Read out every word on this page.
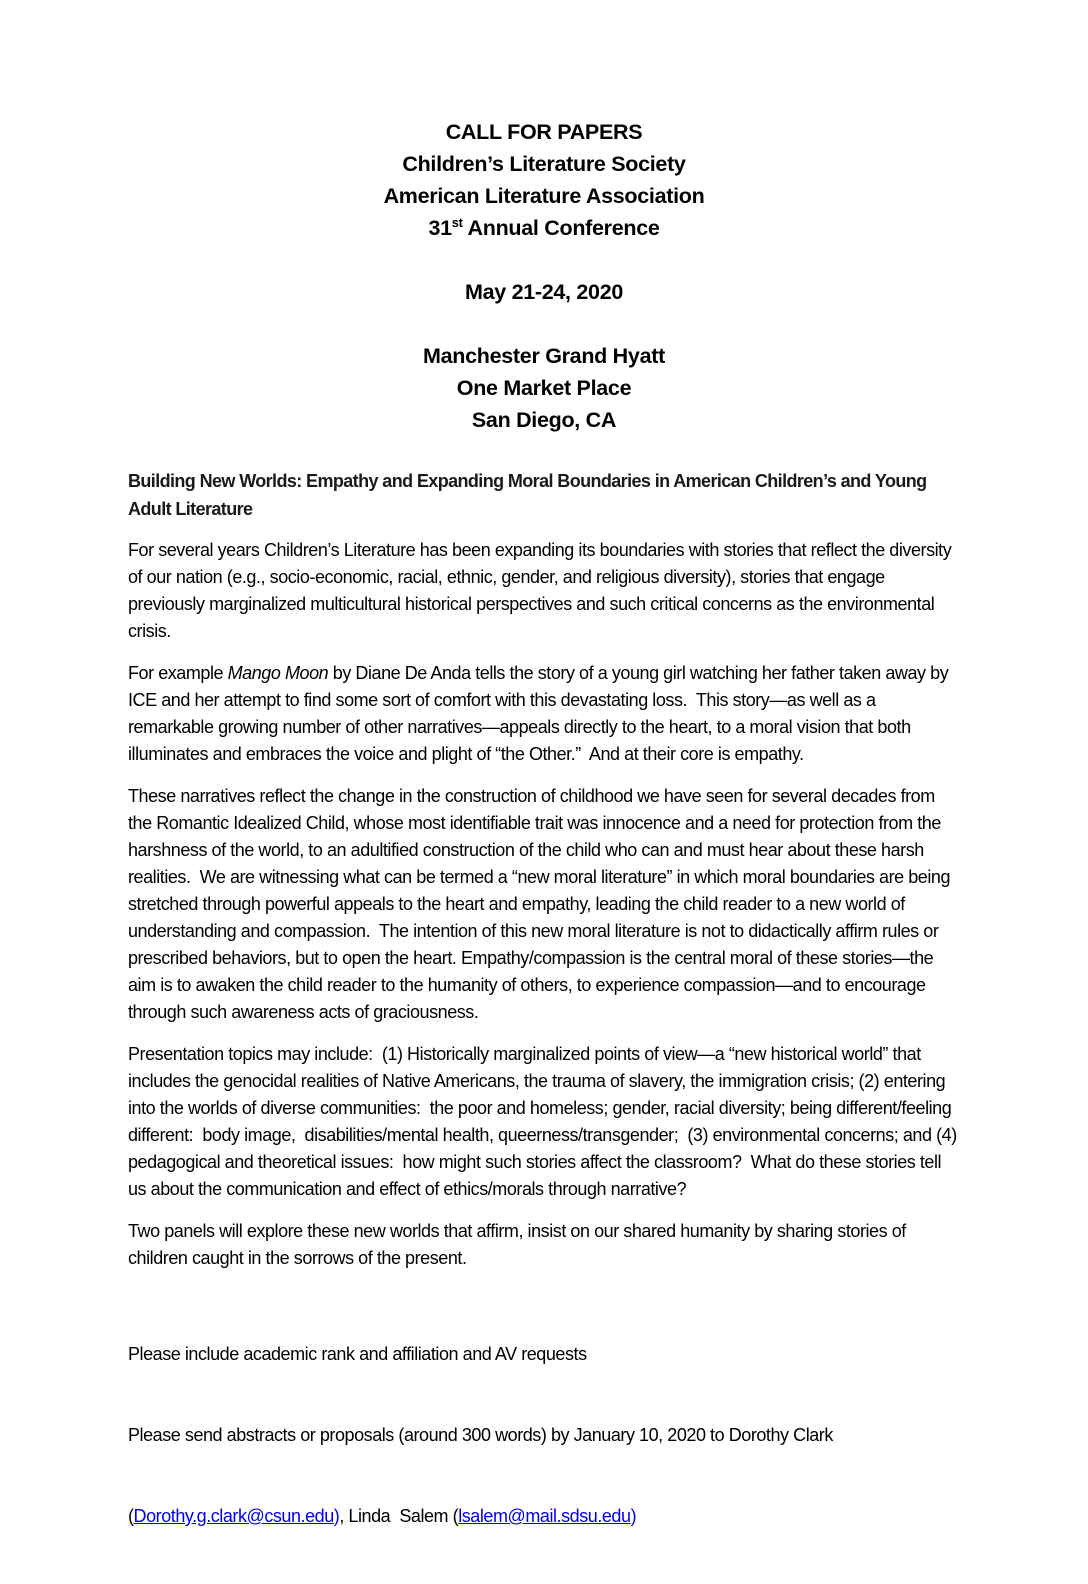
CALL FOR PAPERS

Children’s Literature Society

American Literature Association

31st Annual Conference

May 21-24, 2020

Manchester Grand Hyatt

One Market Place

San Diego, CA

Building New Worlds: Empathy and Expanding Moral Boundaries in American Children’s and Young Adult Literature

For several years Children’s Literature has been expanding its boundaries with stories that reflect the diversity of our nation (e.g., socio-economic, racial, ethnic, gender, and religious diversity), stories that engage previously marginalized multicultural historical perspectives and such critical concerns as the environmental crisis.

For example Mango Moon by Diane De Anda tells the story of a young girl watching her father taken away by ICE and her attempt to find some sort of comfort with this devastating loss.  This story—as well as a remarkable growing number of other narratives—appeals directly to the heart, to a moral vision that both illuminates and embraces the voice and plight of “the Other.”  And at their core is empathy.

These narratives reflect the change in the construction of childhood we have seen for several decades from the Romantic Idealized Child, whose most identifiable trait was innocence and a need for protection from the harshness of the world, to an adultified construction of the child who can and must hear about these harsh realities.  We are witnessing what can be termed a “new moral literature” in which moral boundaries are being stretched through powerful appeals to the heart and empathy, leading the child reader to a new world of understanding and compassion.  The intention of this new moral literature is not to didactically affirm rules or prescribed behaviors, but to open the heart. Empathy/compassion is the central moral of these stories—the aim is to awaken the child reader to the humanity of others, to experience compassion—and to encourage through such awareness acts of graciousness.

Presentation topics may include:  (1) Historically marginalized points of view—a “new historical world” that includes the genocidal realities of Native Americans, the trauma of slavery, the immigration crisis; (2) entering into the worlds of diverse communities:  the poor and homeless; gender, racial diversity; being different/feeling different:  body image,  disabilities/mental health, queerness/transgender;  (3) environmental concerns; and (4)  pedagogical and theoretical issues:  how might such stories affect the classroom?  What do these stories tell us about the communication and effect of ethics/morals through narrative?

Two panels will explore these new worlds that affirm, insist on our shared humanity by sharing stories of children caught in the sorrows of the present.

Please include academic rank and affiliation and AV requests

Please send abstracts or proposals (around 300 words) by January 10, 2020 to Dorothy Clark

(Dorothy.g.clark@csun.edu), Linda  Salem (lsalem@mail.sdsu.edu)
